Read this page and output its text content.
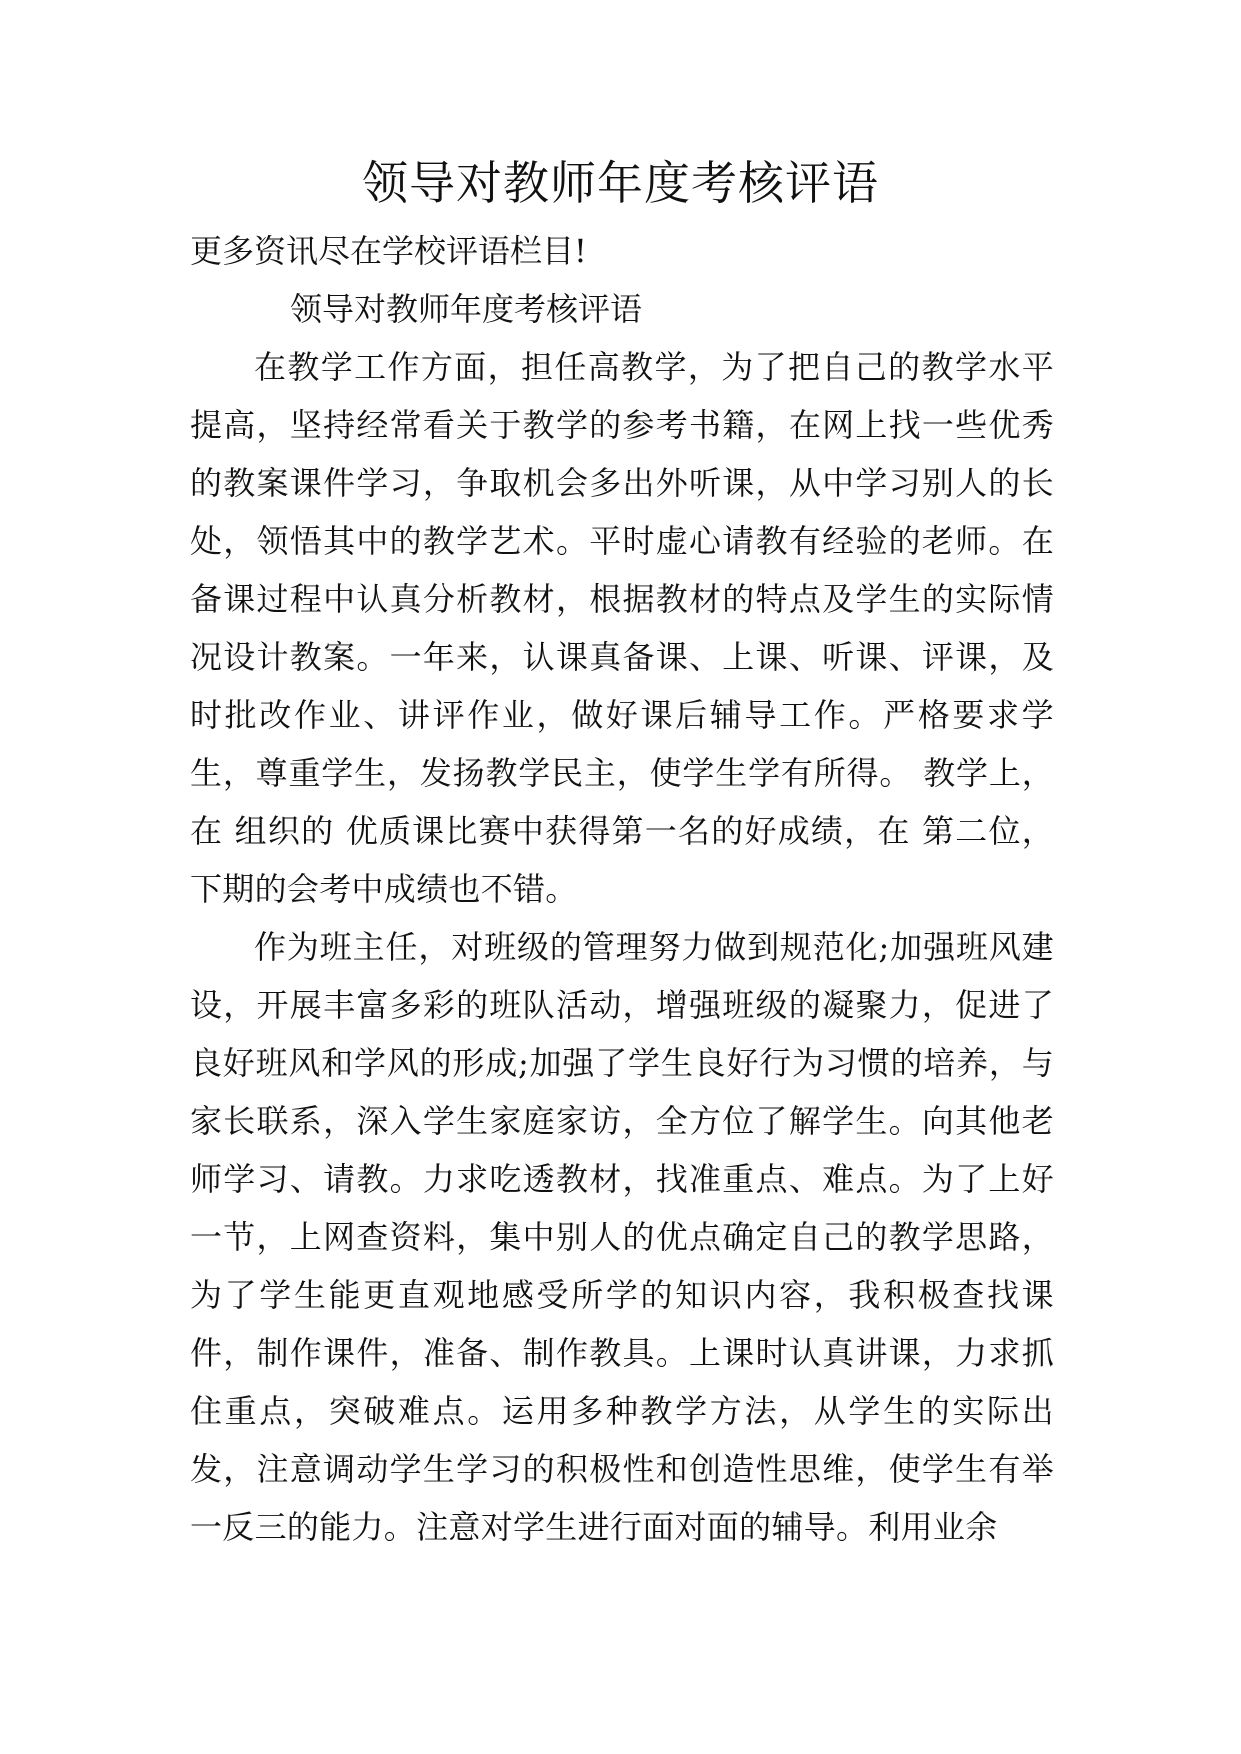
领导对教师年度考核评语

更多资讯尽在学校评语栏目!

领导对教师年度考核评语

在教学工作方面，担任高教学，为了把自己的教学水平提高，坚持经常看关于教学的参考书籍，在网上找一些优秀的教案课件学习，争取机会多出外听课，从中学习别人的长处，领悟其中的教学艺术。平时虚心请教有经验的老师。在备课过程中认真分析教材，根据教材的特点及学生的实际情况设计教案。一年来，认课真备课、上课、听课、评课，及时批改作业、讲评作业，做好课后辅导工作。严格要求学生，尊重学生，发扬教学民主，使学生学有所得。 教学上，在 组织的 优质课比赛中获得第一名的好成绩，在 第二位，下期的会考中成绩也不错。

作为班主任，对班级的管理努力做到规范化;加强班风建设，开展丰富多彩的班队活动，增强班级的凝聚力，促进了良好班风和学风的形成;加强了学生良好行为习惯的培养，与家长联系，深入学生家庭家访，全方位了解学生。向其他老师学习、请教。力求吃透教材，找准重点、难点。为了上好一节，上网查资料，集中别人的优点确定自己的教学思路，为了学生能更直观地感受所学的知识内容，我积极查找课件，制作课件，准备、制作教具。上课时认真讲课，力求抓住重点，突破难点。运用多种教学方法，从学生的实际出发，注意调动学生学习的积极性和创造性思维，使学生有举一反三的能力。注意对学生进行面对面的辅导。利用业余
